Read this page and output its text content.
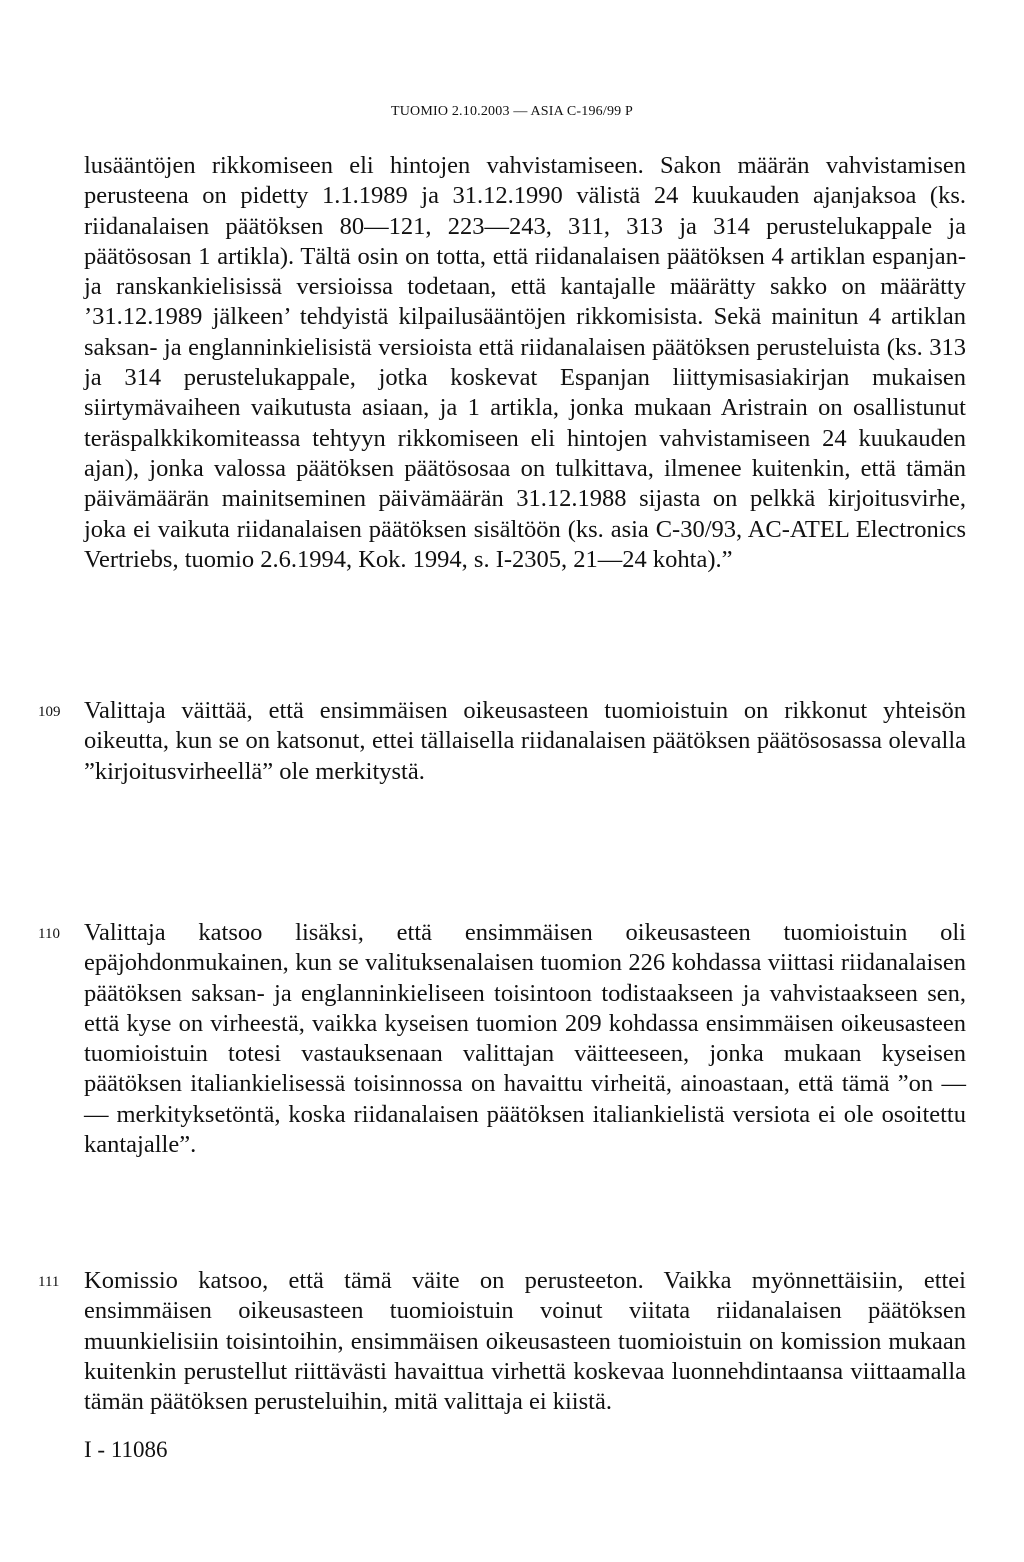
TUOMIO 2.10.2003 — ASIA C-196/99 P
lusääntöjen rikkomiseen eli hintojen vahvistamiseen. Sakon määrän vahvistamisen perusteena on pidetty 1.1.1989 ja 31.12.1990 välistä 24 kuukauden ajanjaksoa (ks. riidanalaisen päätöksen 80—121, 223—243, 311, 313 ja 314 perustelukappale ja päätösosan 1 artikla). Tältä osin on totta, että riidanalaisen päätöksen 4 artiklan espanjan- ja ranskankielisissä versioissa todetaan, että kantajalle määrätty sakko on määrätty ’31.12.1989 jälkeen’ tehdyistä kilpailusääntöjen rikkomisista. Sekä mainitun 4 artiklan saksan- ja englanninkielisistä versioista että riidanalaisen päätöksen perusteluista (ks. 313 ja 314 perustelukappale, jotka koskevat Espanjan liittymisasiakirjan mukaisen siirtymävaiheen vaikutusta asiaan, ja 1 artikla, jonka mukaan Aristrain on osallistunut teräspalkkikomiteassa tehtyyn rikkomiseen eli hintojen vahvistamiseen 24 kuukauden ajan), jonka valossa päätöksen päätösosaa on tulkittava, ilmenee kuitenkin, että tämän päivämäärän mainitseminen päivämäärän 31.12.1988 sijasta on pelkkä kirjoitusvirhe, joka ei vaikuta riidanalaisen päätöksen sisältöön (ks. asia C-30/93, AC-ATEL Electronics Vertriebs, tuomio 2.6.1994, Kok. 1994, s. I-2305, 21—24 kohta).”
109 Valittaja väittää, että ensimmäisen oikeusasteen tuomioistuin on rikkonut yhteisön oikeutta, kun se on katsonut, ettei tällaisella riidanalaisen päätöksen päätösosassa olevalla ”kirjoitusvirheellä” ole merkitystä.
110 Valittaja katsoo lisäksi, että ensimmäisen oikeusasteen tuomioistuin oli epäjohdonmukainen, kun se valituksenalaisen tuomion 226 kohdassa viittasi riidanalaisen päätöksen saksan- ja englanninkieliseen toisintoon todistaakseen ja vahvistaakseen sen, että kyse on virheestä, vaikka kyseisen tuomion 209 kohdassa ensimmäisen oikeusasteen tuomioistuin totesi vastauksenaan valittajan väitteeseen, jonka mukaan kyseisen päätöksen italiankielisessä toisinnossa on havaittu virheitä, ainoastaan, että tämä ”on — — merkityksetöntä, koska riidanalaisen päätöksen italiankielistä versiota ei ole osoitettu kantajalle”.
111 Komissio katsoo, että tämä väite on perusteeton. Vaikka myönnettäisiin, ettei ensimmäisen oikeusasteen tuomioistuin voinut viitata riidanalaisen päätöksen muunkielisiin toisintoihin, ensimmäisen oikeusasteen tuomioistuin on komission mukaan kuitenkin perustellut riittävästi havaittua virhettä koskevaa luonnehdintaansa viittaamalla tämän päätöksen perusteluihin, mitä valittaja ei kiistä.
I - 11086
